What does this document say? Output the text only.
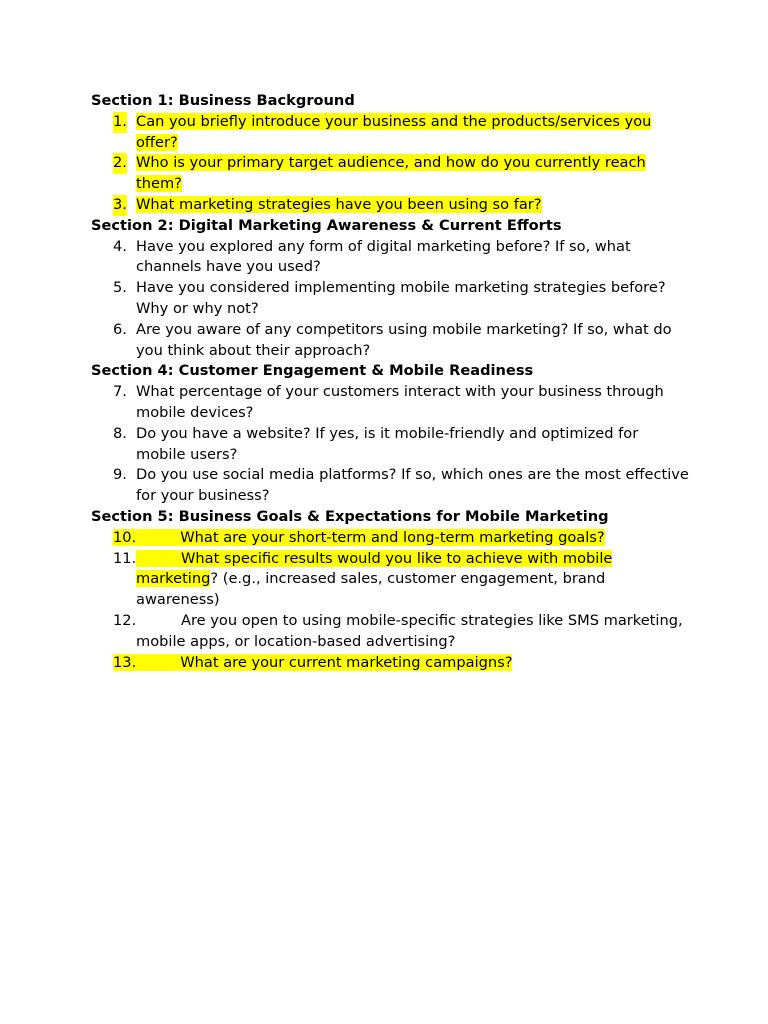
Section 1: Business Background
1. Can you briefly introduce your business and the products/services you offer?
2. Who is your primary target audience, and how do you currently reach them?
3. What marketing strategies have you been using so far?
Section 2: Digital Marketing Awareness & Current Efforts
4. Have you explored any form of digital marketing before? If so, what channels have you used?
5. Have you considered implementing mobile marketing strategies before? Why or why not?
6. Are you aware of any competitors using mobile marketing? If so, what do you think about their approach?
Section 4: Customer Engagement & Mobile Readiness
7. What percentage of your customers interact with your business through mobile devices?
8. Do you have a website? If yes, is it mobile-friendly and optimized for mobile users?
9. Do you use social media platforms? If so, which ones are the most effective for your business?
Section 5: Business Goals & Expectations for Mobile Marketing
10.	What are your short-term and long-term marketing goals?
11.	What specific results would you like to achieve with mobile marketing? (e.g., increased sales, customer engagement, brand awareness)
12.	Are you open to using mobile-specific strategies like SMS marketing, mobile apps, or location-based advertising?
13.	What are your current marketing campaigns?
